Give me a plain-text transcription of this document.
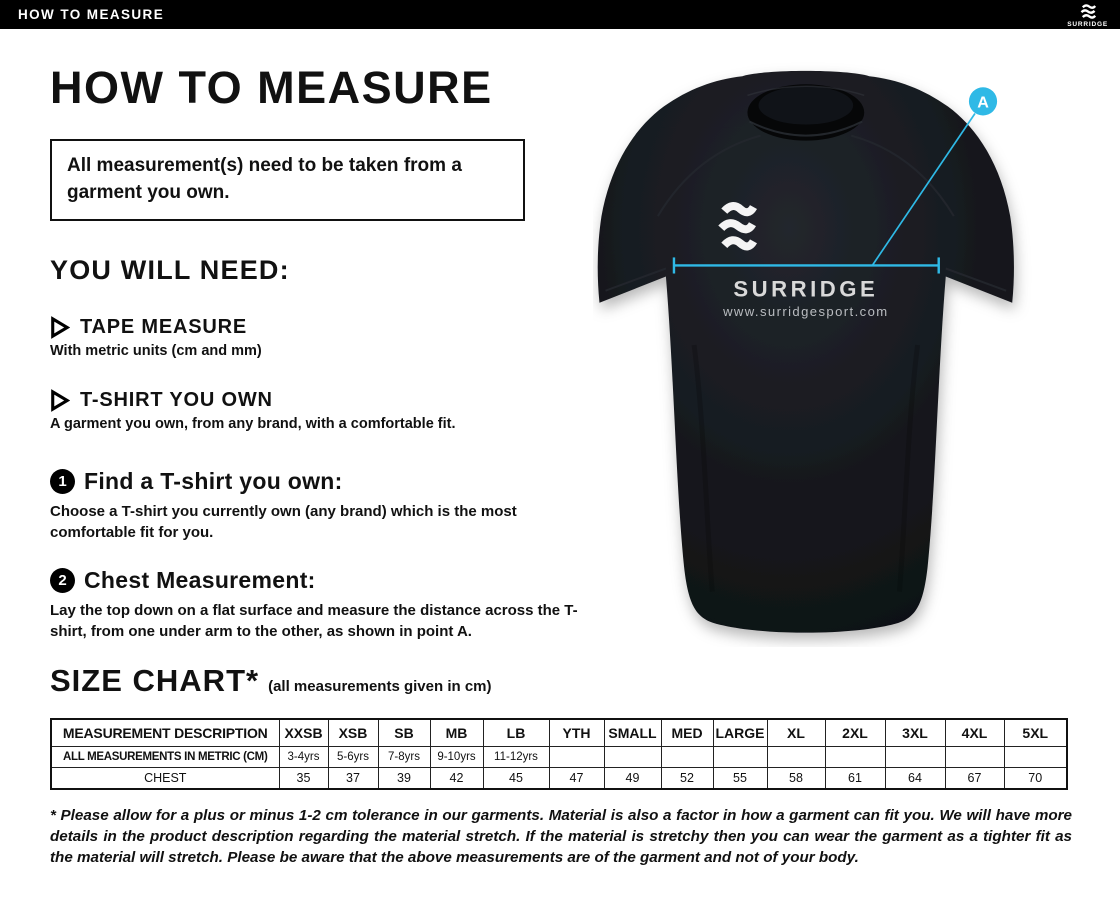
HOW TO MEASURE
SURRIDGE
HOW TO MEASURE

All measurement(s) need to be taken from a garment you own.

YOU WILL NEED:
TAPE MEASURE

With metric units (cm and mm)

T-SHIRT YOU OWN

A garment you own, from any brand, with a comfortable fit.

1 Find a T-shirt you own:

Choose a T-shirt you currently own (any brand) which is the most comfortable fit for you.

2 Chest Measurement:

Lay the top down on a flat surface and measure the distance across the T-shirt, from one under arm to the other, as shown in point A.

SIZE CHART* (all measurements given in cm)
MEASUREMENT DESCRIPTION	XXSB	XSB	SB	MB	LB	YTH	SMALL	MED	LARGE	XL	2XL	3XL	4XL	5XL
ALL MEASUREMENTS IN METRIC (CM)	3-4yrs	5-6yrs	7-8yrs	9-10yrs	11-12yrs									
CHEST	35	37	39	42	45	47	49	52	55	58	61	64	67	70

* Please allow for a plus or minus 1-2 cm tolerance in our garments. Material is also a factor in how a garment can fit you. We will have more details in the product description regarding the material stretch. If the material is stretchy then you can wear the garment as a tighter fit as the material will stretch. Please be aware that the above measurements are of the garment and not of your body.

A
SURRIDGE
www.surridgesport.com
